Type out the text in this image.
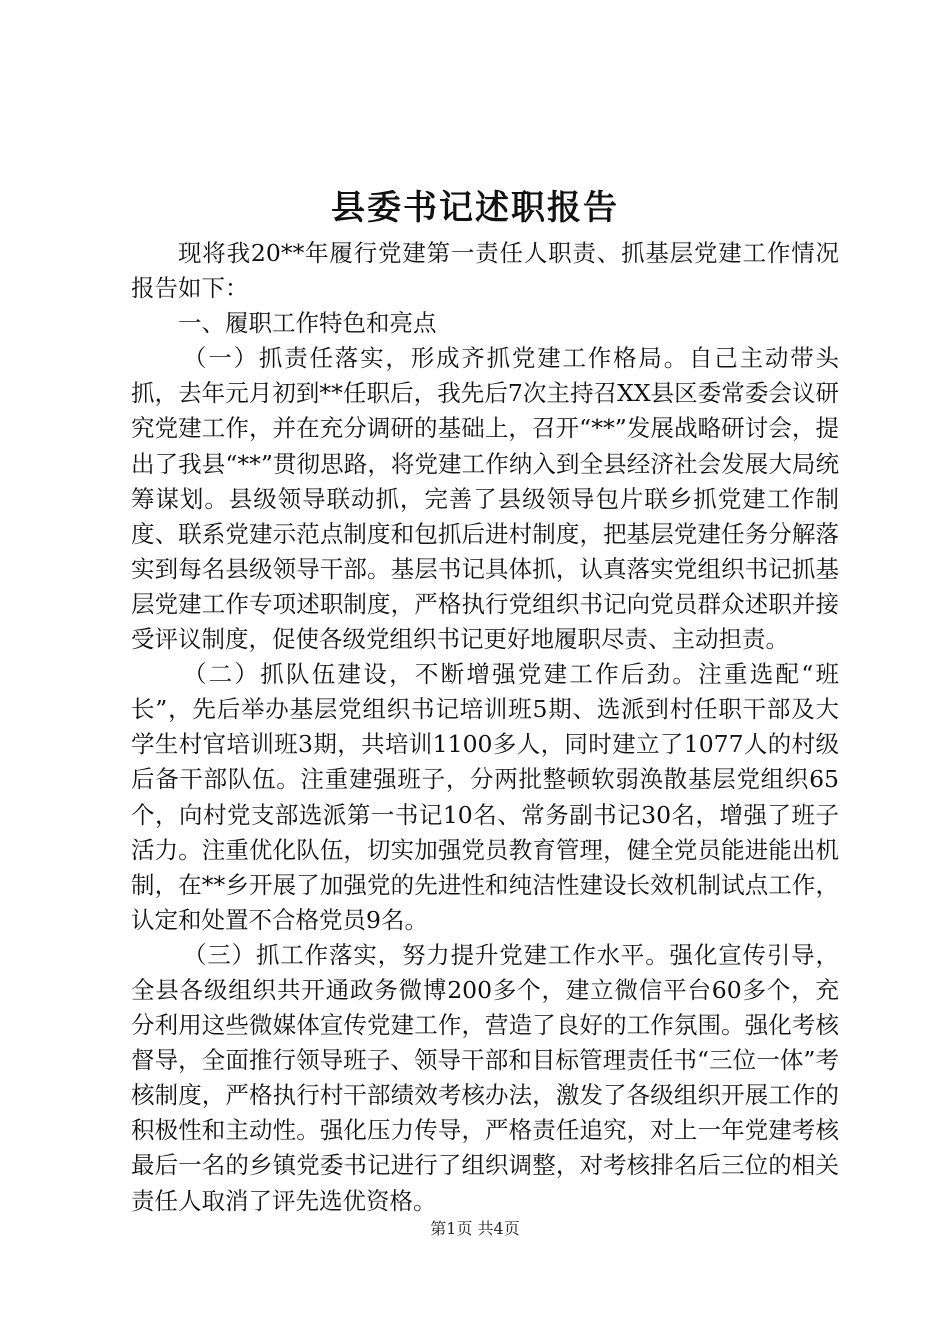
县委书记述职报告

现将我20**年履行党建第一责任人职责、抓基层党建工作情况报告如下：

一、履职工作特色和亮点

（一）抓责任落实，形成齐抓党建工作格局。自己主动带头抓，去年元月初到**任职后，我先后7次主持召XX县区委常委会议研究党建工作，并在充分调研的基础上，召开“**”发展战略研讨会，提出了我县“**”贯彻思路，将党建工作纳入到全县经济社会发展大局统筹谋划。县级领导联动抓，完善了县级领导包片联乡抓党建工作制度、联系党建示范点制度和包抓后进村制度，把基层党建任务分解落实到每名县级领导干部。基层书记具体抓，认真落实党组织书记抓基层党建工作专项述职制度，严格执行党组织书记向党员群众述职并接受评议制度，促使各级党组织书记更好地履职尽责、主动担责。

（二）抓队伍建设，不断增强党建工作后劲。注重选配“班长”，先后举办基层党组织书记培训班5期、选派到村任职干部及大学生村官培训班3期，共培训1100多人，同时建立了1077人的村级后备干部队伍。注重建强班子，分两批整顿软弱涣散基层党组织65个，向村党支部选派第一书记10名、常务副书记30名，增强了班子活力。注重优化队伍，切实加强党员教育管理，健全党员能进能出机制，在**乡开展了加强党的先进性和纯洁性建设长效机制试点工作，认定和处置不合格党员9名。

（三）抓工作落实，努力提升党建工作水平。强化宣传引导，全县各级组织共开通政务微博200多个，建立微信平台60多个，充分利用这些微媒体宣传党建工作，营造了良好的工作氛围。强化考核督导，全面推行领导班子、领导干部和目标管理责任书“三位一体”考核制度，严格执行村干部绩效考核办法，激发了各级组织开展工作的积极性和主动性。强化压力传导，严格责任追究，对上一年党建考核最后一名的乡镇党委书记进行了组织调整，对考核排名后三位的相关责任人取消了评先选优资格。

第1页 共4页
